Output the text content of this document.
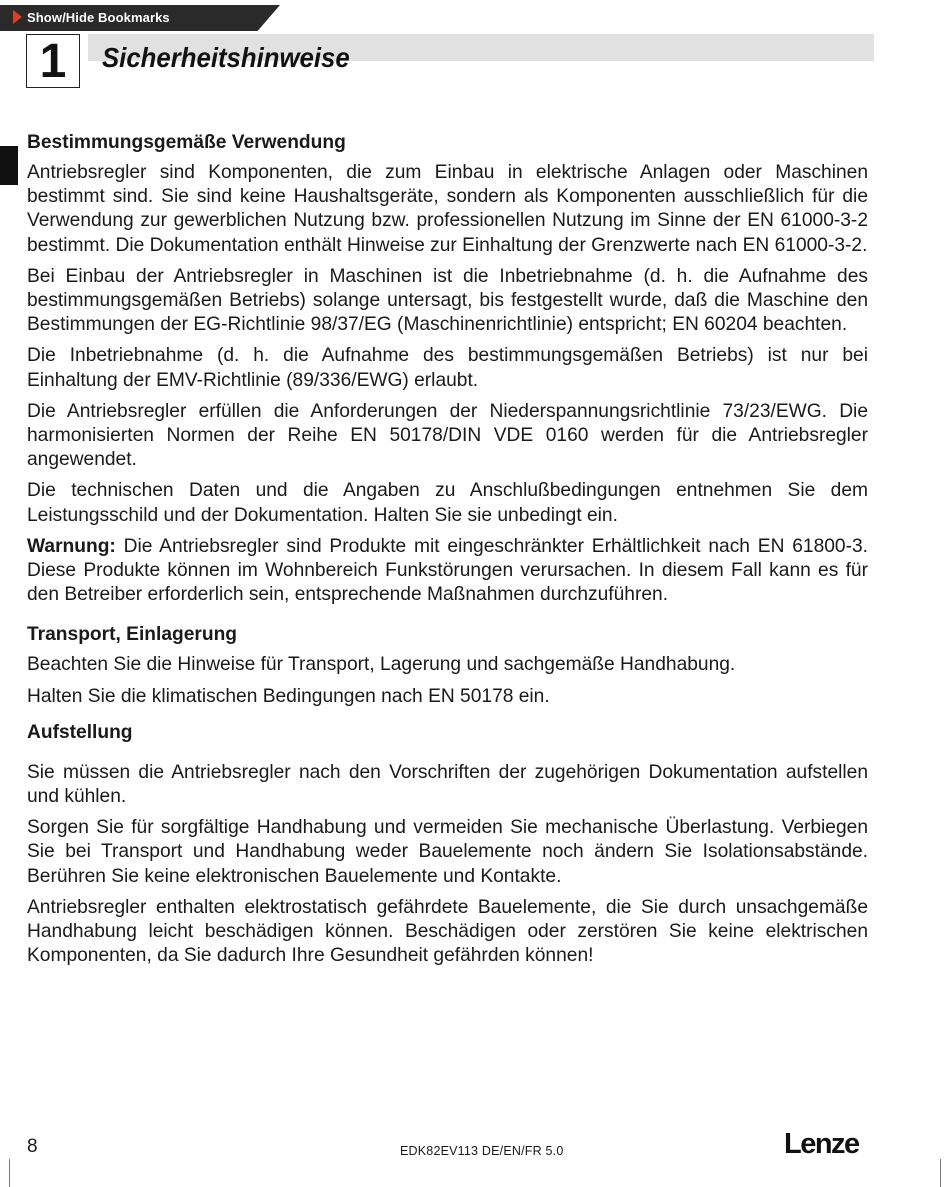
Show/Hide Bookmarks
1	Sicherheitshinweise
Bestimmungsgemäße Verwendung

Antriebsregler sind Komponenten, die zum Einbau in elektrische Anlagen oder Maschinen bestimmt sind. Sie sind keine Haushaltsgeräte, sondern als Komponenten ausschließlich für die Verwendung zur gewerblichen Nutzung bzw. professionellen Nutzung im Sinne der EN 61000-3-2 bestimmt. Die Dokumentation enthält Hinweise zur Einhaltung der Grenzwerte nach EN 61000-3-2.

Bei Einbau der Antriebsregler in Maschinen ist die Inbetriebnahme (d. h. die Aufnahme des bestimmungsgemäßen Betriebs) solange untersagt, bis festgestellt wurde, daß die Maschine den Bestimmungen der EG-Richtlinie 98/37/EG (Maschinenrichtlinie) entspricht; EN 60204 beachten.

Die Inbetriebnahme (d. h. die Aufnahme des bestimmungsgemäßen Betriebs) ist nur bei Einhaltung der EMV-Richtlinie (89/336/EWG) erlaubt.

Die Antriebsregler erfüllen die Anforderungen der Niederspannungsrichtlinie 73/23/EWG. Die harmonisierten Normen der Reihe EN 50178/DIN VDE 0160 werden für die Antriebsregler angewendet.

Die technischen Daten und die Angaben zu Anschlußbedingungen entnehmen Sie dem Leistungsschild und der Dokumentation. Halten Sie sie unbedingt ein.

Warnung: Die Antriebsregler sind Produkte mit eingeschränkter Erhältlichkeit nach EN 61800-3. Diese Produkte können im Wohnbereich Funkstörungen verursachen. In diesem Fall kann es für den Betreiber erforderlich sein, entsprechende Maßnahmen durchzuführen.

Transport, Einlagerung

Beachten Sie die Hinweise für Transport, Lagerung und sachgemäße Handhabung.

Halten Sie die klimatischen Bedingungen nach EN 50178 ein.

Aufstellung

Sie müssen die Antriebsregler nach den Vorschriften der zugehörigen Dokumentation aufstellen und kühlen.

Sorgen Sie für sorgfältige Handhabung und vermeiden Sie mechanische Überlastung. Verbiegen Sie bei Transport und Handhabung weder Bauelemente noch ändern Sie Isolationsabstände. Berühren Sie keine elektronischen Bauelemente und Kontakte.

Antriebsregler enthalten elektrostatisch gefährdete Bauelemente, die Sie durch unsachgemäße Handhabung leicht beschädigen können. Beschädigen oder zerstören Sie keine elektrischen Komponenten, da Sie dadurch Ihre Gesundheit gefährden können!

8	EDK82EV113 DE/EN/FR 5.0	Lenze
